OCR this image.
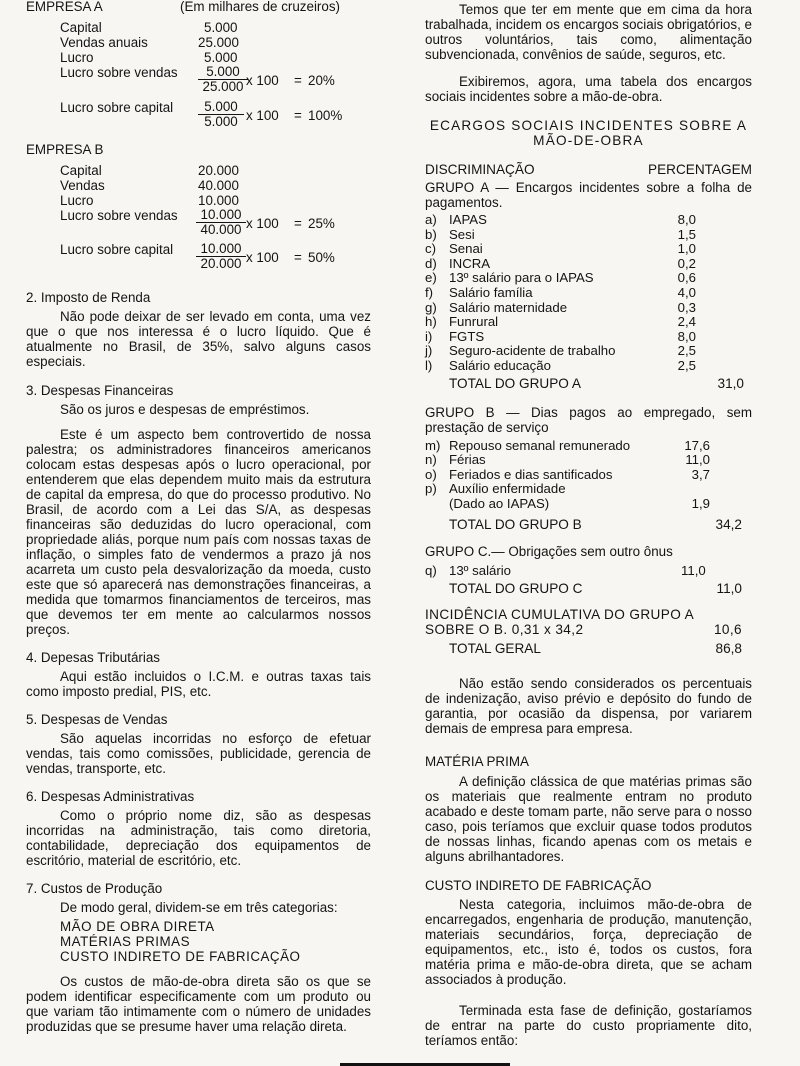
EMPRESA A	(Em milhares de cruzeiros)
Capital	5.000
Vendas anuais	25.000
Lucro	5.000
Lucro sobre vendas $\frac{5.000}{25.000}$
x 100 = 20%
Lucro sobre capital $\frac{5.000}{5.000}$ x 100 = 100%
EMPRESA B
Capital	20.000
Vendas	40.000
Lucro	10.000
Lucro sobre vendas $\frac{10.000}{40.000}$ x 100 = 25%
Lucro sobre capital $\frac{10.000}{20.000}$ x 100 = 50%

2. Imposto de Renda

Não pode deixar de ser levado em conta, uma vez que o que nos interessa é o lucro líquido. Que é atualmente no Brasil, de 35%, salvo alguns casos especiais.

3. Despesas Financeiras

São os juros e despesas de empréstimos.

Este é um aspecto bem controvertido de nossa palestra; os administradores financeiros americanos colocam estas despesas após o lucro operacional, por entenderem que elas dependem muito mais da estrutura de capital da empresa, do que do processo produtivo. No Brasil, de acordo com a Lei das S/A, as despesas financeiras são deduzidas do lucro operacional, com propriedade aliás, porque num país com nossas taxas de inflação, o simples fato de vendermos a prazo já nos acarreta um custo pela desvalorização da moeda, custo este que só aparecerá nas demonstrações financeiras, a medida que tomarmos financiamentos de terceiros, mas que devemos ter em mente ao calcularmos nossos preços.

4. Depesas Tributárias

Aqui estão incluidos o I.C.M. e outras taxas tais como imposto predial, PIS, etc.

5. Despesas de Vendas

São aquelas incorridas no esforço de efetuar vendas, tais como comissões, publicidade, gerencia de vendas, transporte, etc.

6. Despesas Administrativas

Como o próprio nome diz, são as despesas incorridas na administração, tais como diretoria, contabilidade, depreciação dos equipamentos de escritório, material de escritório, etc.

7. Custos de Produção

De modo geral, dividem-se em três categorias:

MÃO DE OBRA DIRETA

MATÉRIAS PRIMAS

CUSTO INDIRETO DE FABRICAÇÃO

Os custos de mão-de-obra direta são os que se podem identificar especificamente com um produto ou que variam tão intimamente com o número de unidades produzidas que se presume haver uma relação direta.

Temos que ter em mente que em cima da hora trabalhada, incidem os encargos sociais obrigatórios, e outros voluntários, tais como, alimentação subvencionada, convênios de saúde, seguros, etc.

Exibiremos, agora, uma tabela dos encargos sociais incidentes sobre a mão-de-obra.

ECARGOS SOCIAIS INCIDENTES SOBRE A MÃO-DE-OBRA

DISCRIMINAÇÃO	PERCENTAGEM

GRUPO A — Encargos incidentes sobre a folha de pagamentos.

a) IAPAS	8,0
b) Sesi	1,5
c) Senai	1,0
d) INCRA	0,2
e) 13º salário para o IAPAS	0,6
f) Salário família	4,0
g) Salário maternidade	0,3
h) Funrural	2,4
i) FGTS	8,0
j) Seguro-acidente de trabalho	2,5
l) Salário educação	2,5
TOTAL DO GRUPO A	31,0

GRUPO B — Dias pagos ao empregado, sem prestação de serviço

m) Repouso semanal remunerado	17,6
n) Férias	11,0
o) Feriados e dias santificados	3,7
p) Auxílio enfermidade
(Dado ao IAPAS)	1,9
TOTAL DO GRUPO B	34,2

GRUPO C.— Obrigações sem outro ônus

q) 13º salário	11,0
TOTAL DO GRUPO C	11,0

INCIDÊNCIA CUMULATIVA DO GRUPO A

SOBRE O B. 0,31 x 34,2	10,6
TOTAL GERAL	86,8

Não estão sendo considerados os percentuais de indenização, aviso prévio e depósito do fundo de garantia, por ocasião da dispensa, por variarem demais de empresa para empresa.

MATÉRIA PRIMA

A definição clássica de que matérias primas são os materiais que realmente entram no produto acabado e deste tomam parte, não serve para o nosso caso, pois teríamos que excluir quase todos produtos de nossas linhas, ficando apenas com os metais e alguns abrilhantadores.

CUSTO INDIRETO DE FABRICAÇÃO

Nesta categoria, incluimos mão-de-obra de encarregados, engenharia de produção, manutenção, materiais secundários, força, depreciação de equipamentos, etc., isto é, todos os custos, fora matéria prima e mão-de-obra direta, que se acham associados à produção.

Terminada esta fase de definição, gostaríamos de entrar na parte do custo propriamente dito, teríamos então:
